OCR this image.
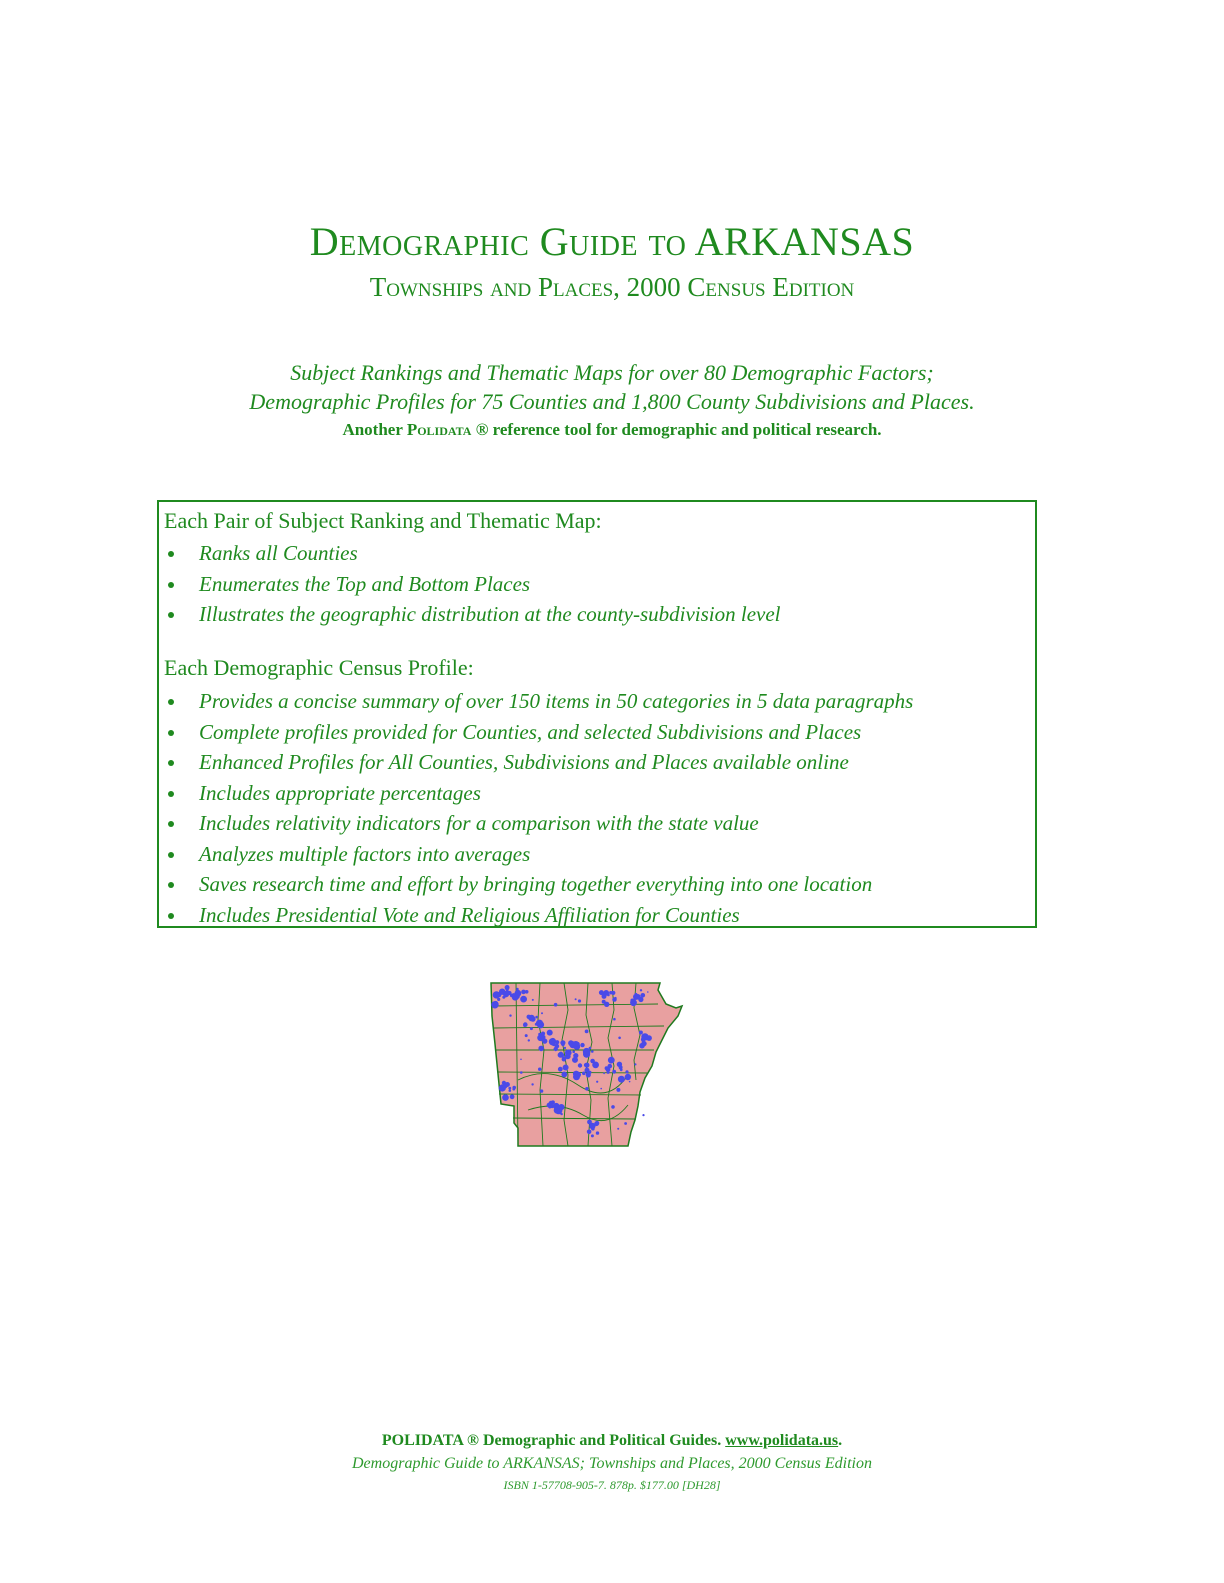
Demographic Guide to ARKANSAS
Townships and Places, 2000 Census Edition

Subject Rankings and Thematic Maps for over 80 Demographic Factors;

Demographic Profiles for 75 Counties and 1,800 County Subdivisions and Places.

Another Polidata ® reference tool for demographic and political research.

Each Pair of Subject Ranking and Thematic Map:
Ranks all Counties
Enumerates the Top and Bottom Places
Illustrates the geographic distribution at the county-subdivision level
Each Demographic Census Profile:
Provides a concise summary of over 150 items in 50 categories in 5 data paragraphs
Complete profiles provided for Counties, and selected Subdivisions and Places
Enhanced Profiles for All Counties, Subdivisions and Places available online
Includes appropriate percentages
Includes relativity indicators for a comparison with the state value
Analyzes multiple factors into averages
Saves research time and effort by bringing together everything into one location
Includes Presidential Vote and Religious Affiliation for Counties

POLIDATA ® Demographic and Political Guides. www.polidata.us.

Demographic Guide to ARKANSAS; Townships and Places, 2000 Census Edition

ISBN 1-57708-905-7. 878p. $177.00 [DH28]
